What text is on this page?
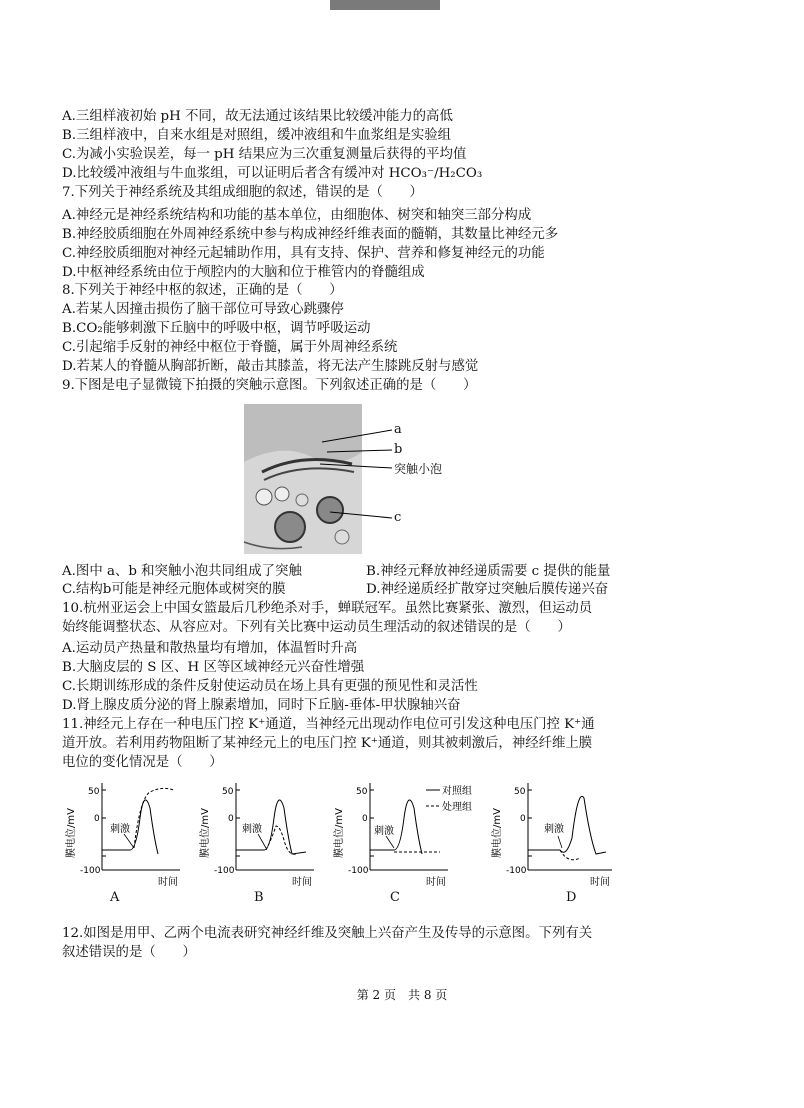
A.三组样液初始 pH 不同，故无法通过该结果比较缓冲能力的高低
B.三组样液中，自来水组是对照组，缓冲液组和牛血浆组是实验组
C.为减小实验误差，每一 pH 结果应为三次重复测量后获得的平均值
D.比较缓冲液组与牛血浆组，可以证明后者含有缓冲对 HCO₃⁻/H₂CO₃
7.下列关于神经系统及其组成细胞的叙述，错误的是（　　）
A.神经元是神经系统结构和功能的基本单位，由细胞体、树突和轴突三部分构成
B.神经胶质细胞在外周神经系统中参与构成神经纤维表面的髓鞘，其数量比神经元多
C.神经胶质细胞对神经元起辅助作用，具有支持、保护、营养和修复神经元的功能
D.中枢神经系统由位于颅腔内的大脑和位于椎管内的脊髓组成
8.下列关于神经中枢的叙述，正确的是（　　）
A.若某人因撞击损伤了脑干部位可导致心跳骤停
B.CO₂能够刺激下丘脑中的呼吸中枢，调节呼吸运动
C.引起缩手反射的神经中枢位于脊髓，属于外周神经系统
D.若某人的脊髓从胸部折断，敲击其膝盖，将无法产生膝跳反射与感觉
9.下图是电子显微镜下拍摄的突触示意图。下列叙述正确的是（　　）
a
b
突触小泡
c
A.图中 a、b 和突触小泡共同组成了突触	B.神经元释放神经递质需要 c 提供的能量
C.结构b可能是神经元胞体或树突的膜	D.神经递质经扩散穿过突触后膜传递兴奋
10.杭州亚运会上中国女篮最后几秒绝杀对手，蝉联冠军。虽然比赛紧张、激烈，但运动员
始终能调整状态、从容应对。下列有关比赛中运动员生理活动的叙述错误的是（　　）
A.运动员产热量和散热量均有增加，体温暂时升高
B.大脑皮层的 S 区、H 区等区域神经元兴奋性增强
C.长期训练形成的条件反射使运动员在场上具有更强的预见性和灵活性
D.肾上腺皮质分泌的肾上腺素增加，同时下丘脑-垂体-甲状腺轴兴奋
11.神经元上存在一种电压门控 K⁺通道，当神经元出现动作电位可引发这种电压门控 K⁺通
道开放。若利用药物阻断了某神经元上的电压门控 K⁺通道，则其被刺激后，神经纤维上膜
电位的变化情况是（　　）
50
0
-100
刺激
时间
膜电位/mV
A
50
0
-100
刺激
时间
膜电位/mV
B
对照组
处理组
50
0
-100
刺激
时间
膜电位/mV
C
50
0
-100
刺激
时间
膜电位/mV
D
12.如图是用甲、乙两个电流表研究神经纤维及突触上兴奋产生及传导的示意图。下列有关
叙述错误的是（　　）
第 2 页　共 8 页
